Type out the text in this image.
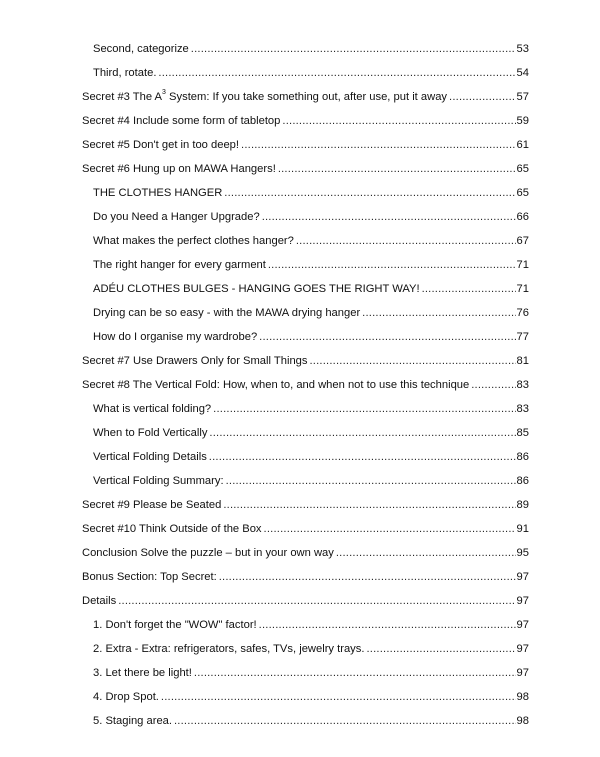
Second, categorize .....	53
Third, rotate. .....	54
Secret #3 The $A^3$ System: If you take something out, after use, put it away .....	57
Secret #4 Include some form of tabletop .....	59
Secret #5 Don't get in too deep! .....	61
Secret #6 Hung up on MAWA Hangers! .....	65
THE CLOTHES HANGER .....	65
Do you Need a Hanger Upgrade? .....	66
What makes the perfect clothes hanger? .....	67
The right hanger for every garment .....	71
ADÉU CLOTHES BULGES - HANGING GOES THE RIGHT WAY! .....	71
Drying can be so easy - with the MAWA drying hanger .....	76
How do I organise my wardrobe? .....	77
Secret #7 Use Drawers Only for Small Things .....	81
Secret #8 The Vertical Fold: How, when to, and when not to use this technique .....	83
What is vertical folding? .....	83
When to Fold Vertically .....	85
Vertical Folding Details .....	86
Vertical Folding Summary: .....	86
Secret #9 Please be Seated .....	89
Secret #10 Think Outside of the Box .....	91
Conclusion Solve the puzzle – but in your own way .....	95
Bonus Section: Top Secret: .....	97
Details .....	97
1. Don't forget the "WOW" factor! .....	97
2. Extra - Extra: refrigerators, safes, TVs, jewelry trays. .....	97
3. Let there be light! .....	97
4. Drop Spot. .....	98
5. Staging area. .....	98
